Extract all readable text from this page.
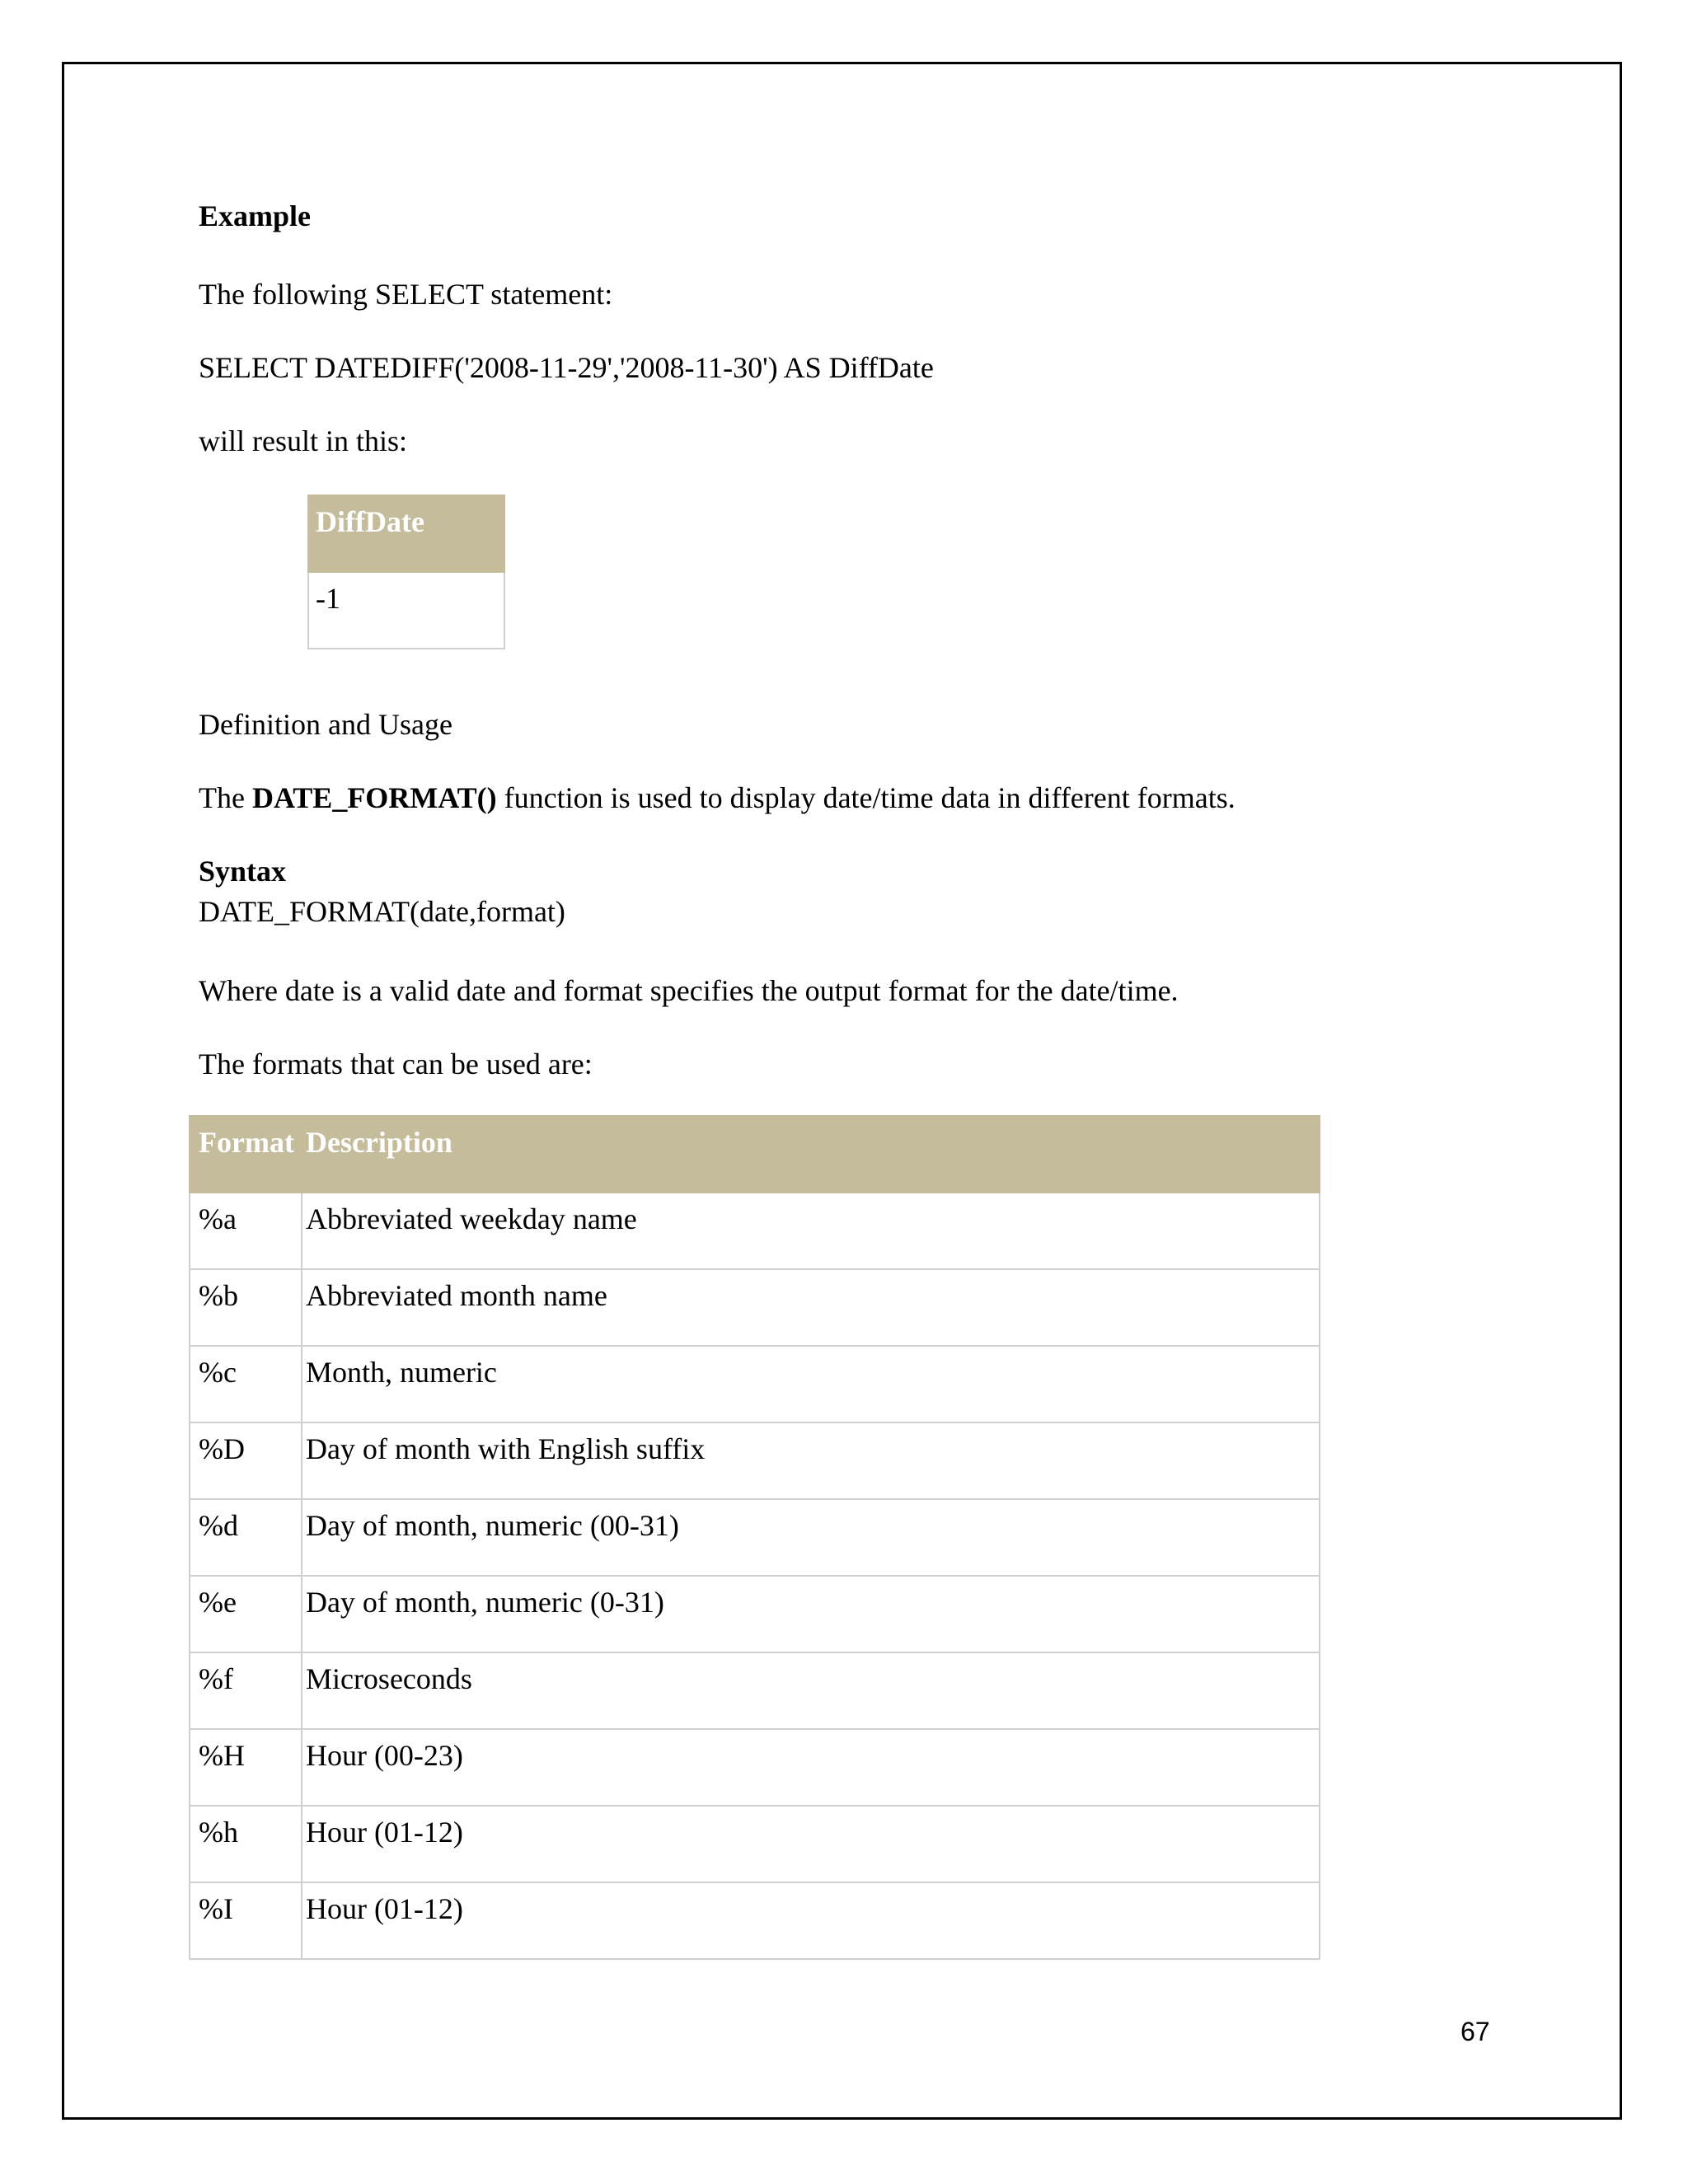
Example
The following SELECT statement:
SELECT DATEDIFF('2008-11-29','2008-11-30') AS DiffDate
will result in this:
Definition and Usage
The DATE_FORMAT() function is used to display date/time data in different formats.
Syntax
DATE_FORMAT(date,format)
Where date is a valid date and format specifies the output format for the date/time.
The formats that can be used are:
DiffDate
-1
Format	Description
%a	Abbreviated weekday name
%b	Abbreviated month name
%c	Month, numeric
%D	Day of month with English suffix
%d	Day of month, numeric (00-31)
%e	Day of month, numeric (0-31)
%f	Microseconds
%H	Hour (00-23)
%h	Hour (01-12)
%I	Hour (01-12)
67
